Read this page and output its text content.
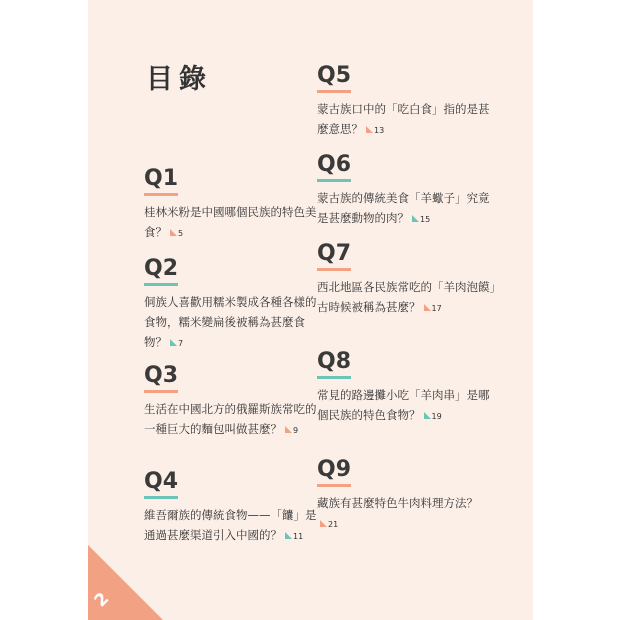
目錄
Q1
桂林米粉是中國哪個民族的特色美食？ 5
Q2
侗族人喜歡用糯米製成各種各樣的食物，糯米變扁後被稱為甚麼食物？ 7
Q3
生活在中國北方的俄羅斯族常吃的一種巨大的麵包叫做甚麼？ 9
Q4
維吾爾族的傳統食物——「饢」是通過甚麼渠道引入中國的？ 11
Q5
蒙古族口中的「吃白食」指的是甚麼意思？ 13
Q6
蒙古族的傳統美食「羊蠍子」究竟是甚麼動物的肉？ 15
Q7
西北地區各民族常吃的「羊肉泡饃」古時候被稱為甚麼？ 17
Q8
常見的路邊攤小吃「羊肉串」是哪個民族的特色食物？ 19
Q9
藏族有甚麼特色牛肉料理方法？21
2
